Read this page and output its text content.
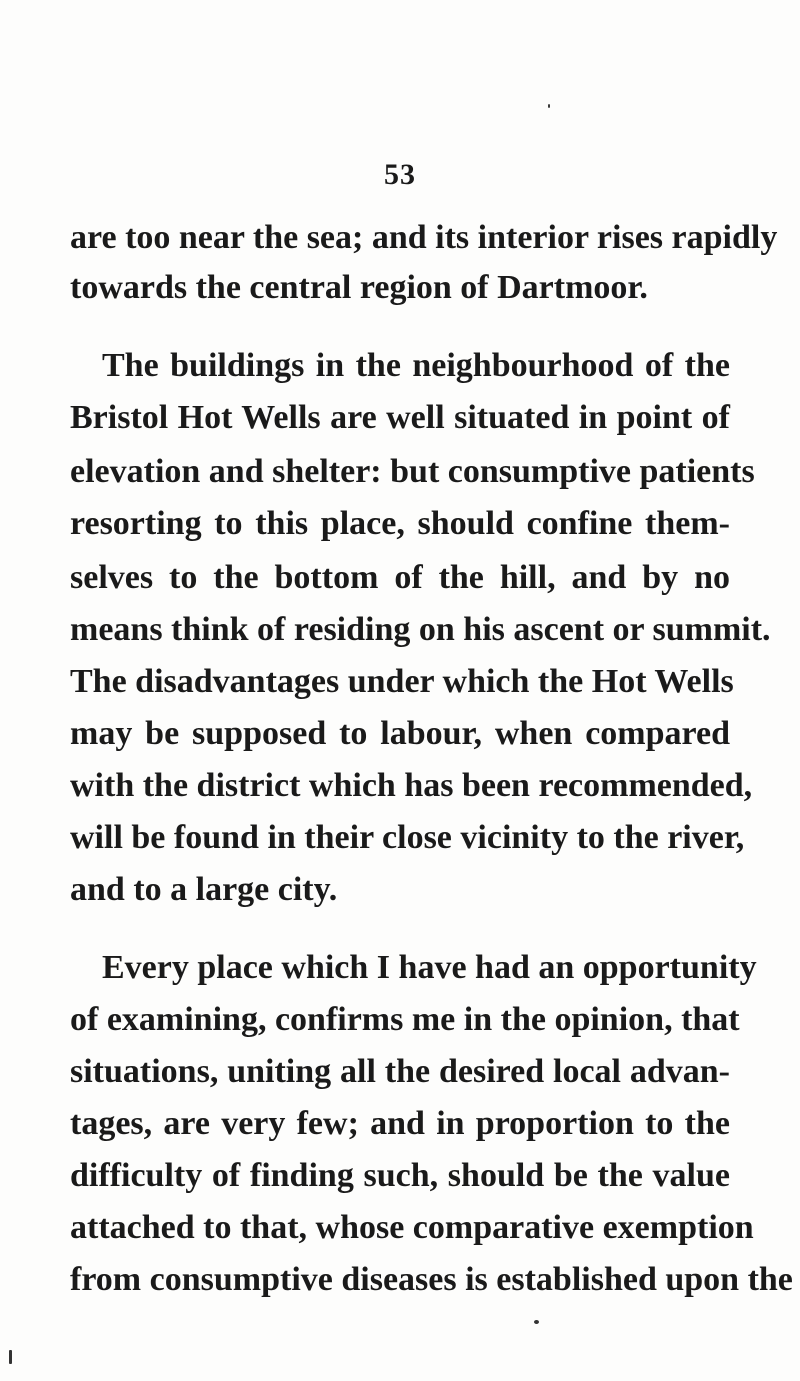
53
are too near the sea; and its interior rises rapidly
towards the central region of Dartmoor.
The buildings in the neighbourhood of the
Bristol Hot Wells are well situated in point of
elevation and shelter: but consumptive patients
resorting to this place, should confine them-
selves to the bottom of the hill, and by no
means think of residing on his ascent or summit.
The disadvantages under which the Hot Wells
may be supposed to labour, when compared
with the district which has been recommended,
will be found in their close vicinity to the river,
and to a large city.
Every place which I have had an opportunity
of examining, confirms me in the opinion, that
situations, uniting all the desired local advan-
tages, are very few; and in proportion to the
difficulty of finding such, should be the value
attached to that, whose comparative exemption
from consumptive diseases is established upon the
